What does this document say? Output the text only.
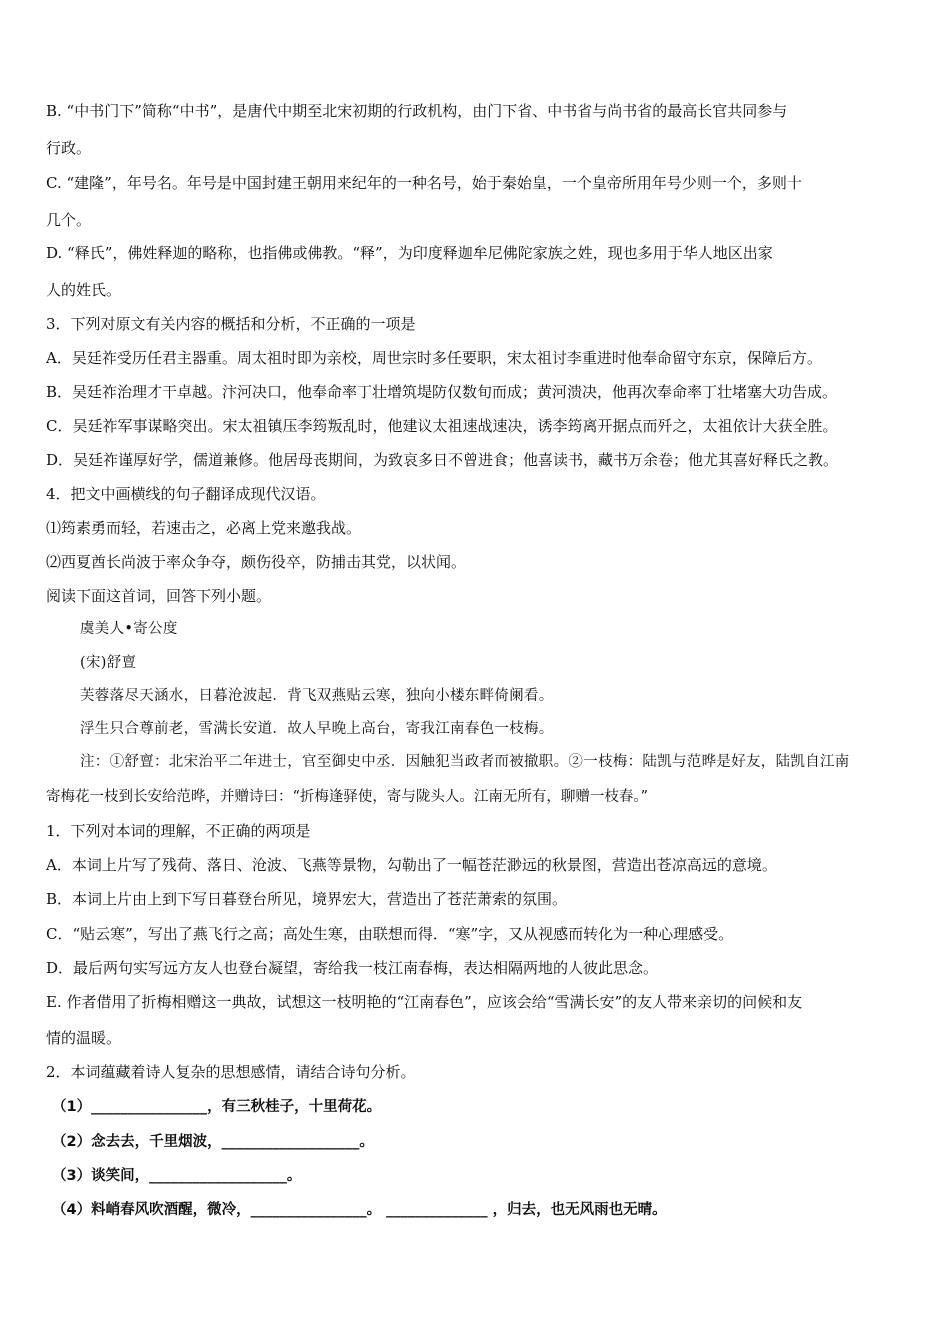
B. “中书门下”简称“中书”，是唐代中期至北宋初期的行政机构，由门下省、中书省与尚书省的最高长官共同参与
行政。
C. “建隆”，年号名。年号是中国封建王朝用来纪年的一种名号，始于秦始皇，一个皇帝所用年号少则一个，多则十
几个。
D. “释氏”，佛姓释迦的略称，也指佛或佛教。“释”，为印度释迦牟尼佛陀家族之姓，现也多用于华人地区出家
人的姓氏。
3．下列对原文有关内容的概括和分析，不正确的一项是
A．吴廷祚受历任君主器重。周太祖时即为亲校，周世宗时多任要职，宋太祖讨李重进时他奉命留守东京，保障后方。
B．吴廷祚治理才干卓越。汴河决口，他奉命率丁壮增筑堤防仅数旬而成；黄河溃决，他再次奉命率丁壮堵塞大功告成。
C．吴廷祚军事谋略突出。宋太祖镇压李筠叛乱时，他建议太祖速战速决，诱李筠离开据点而歼之，太祖依计大获全胜。
D．吴廷祚谨厚好学，儒道兼修。他居母丧期间，为致哀多日不曾进食；他喜读书，藏书万余卷；他尤其喜好释氏之教。
4．把文中画横线的句子翻译成现代汉语。
⑴筠素勇而轻，若速击之，必离上党来邀我战。
⑵西夏酋长尚波于率众争夺，颇伤役卒，防捕击其党，以状闻。
阅读下面这首词，回答下列小题。
虞美人•寄公度
(宋)舒亶
芙蓉落尽天涵水，日暮沧波起．背飞双燕贴云寒，独向小楼东畔倚阑看。
浮生只合尊前老，雪满长安道．故人早晚上高台，寄我江南春色一枝梅。
注：①舒亶：北宋治平二年进士，官至御史中丞．因触犯当政者而被撤职。②一枝梅：陆凯与范晔是好友，陆凯自江南
寄梅花一枝到长安给范晔，并赠诗曰：“折梅逢驿使，寄与陇头人。江南无所有，聊赠一枝春。”
1．下列对本词的理解，不正确的两项是
A．本词上片写了残荷、落日、沧波、飞燕等景物，勾勒出了一幅苍茫渺远的秋景图，营造出苍凉高远的意境。
B．本词上片由上到下写日暮登台所见，境界宏大，营造出了苍茫萧索的氛围。
C．“贴云寒”，写出了燕飞行之高；高处生寒，由联想而得．“寒”字，又从视感而转化为一种心理感受。
D．最后两句实写远方友人也登台凝望，寄给我一枝江南春梅，表达相隔两地的人彼此思念。
E. 作者借用了折梅相赠这一典故，试想这一枝明艳的“江南春色”，应该会给“雪满长安”的友人带来亲切的问候和友
情的温暖。
2．本词蕴藏着诗人复杂的思想感情，请结合诗句分析。
（1）________________，有三秋桂子，十里荷花。
（2）念去去，千里烟波，___________________。
（3）谈笑间，___________________。
（4）料峭春风吹酒醒，微冷，________________。 ______________ ，归去，也无风雨也无晴。
